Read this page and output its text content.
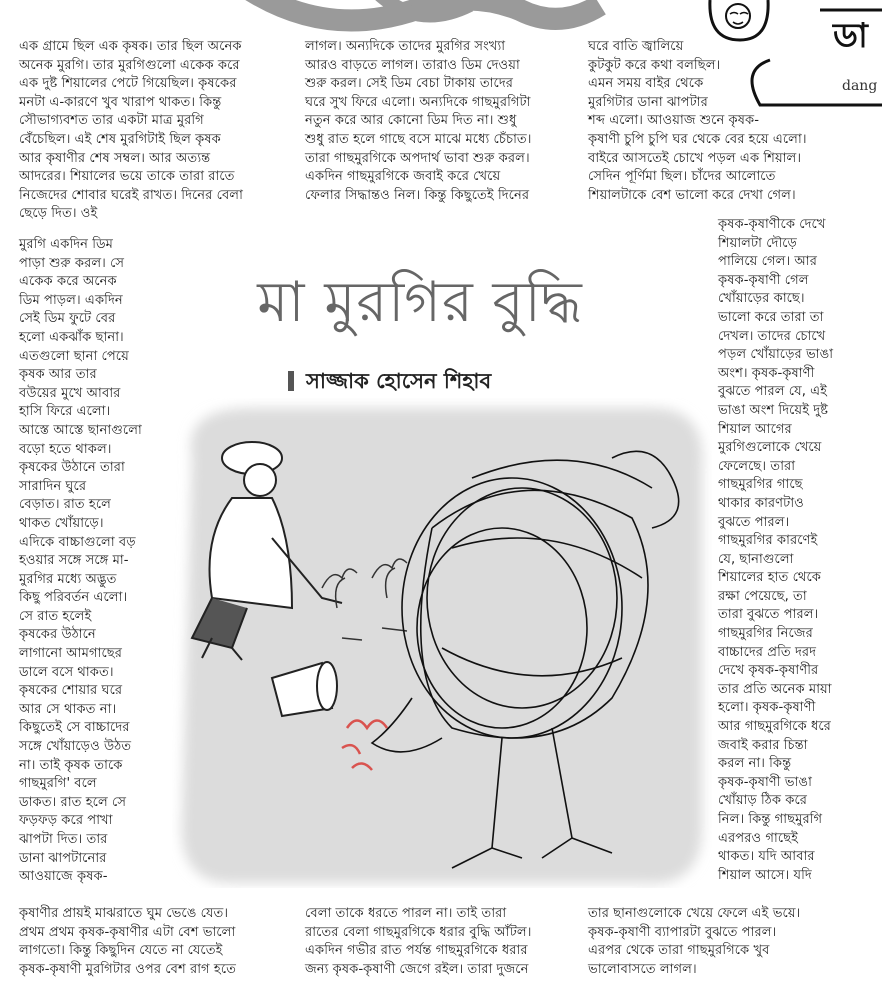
ডা
dang
এক গ্রামে ছিল এক কৃষক। তার ছিল অনেক
অনেক মুরগি। তার মুরগিগুলো একেক করে
এক দুষ্ট শিয়ালের পেটে গিয়েছিল। কৃষকের
মনটা এ-কারণে খুব খারাপ থাকত। কিন্তু
সৌভাগ্যবশত তার একটা মাত্র মুরগি
বেঁচেছিল। এই শেষ মুরগিটাই ছিল কৃষক
আর কৃষাণীর শেষ সম্বল। আর অত্যন্ত
আদরের। শিয়ালের ভয়ে তাকে তারা রাতে
নিজেদের শোবার ঘরেই রাখত। দিনের বেলা
ছেড়ে দিত। ওই
মুরগি একদিন ডিম
পাড়া শুরু করল। সে
একেক করে অনেক
ডিম পাড়ল। একদিন
সেই ডিম ফুটে বের
হলো একঝাঁক ছানা।
এতগুলো ছানা পেয়ে
কৃষক আর তার
বউয়ের মুখে আবার
হাসি ফিরে এলো।
আস্তে আস্তে ছানাগুলো
বড়ো হতে থাকল।
কৃষকের উঠানে তারা
সারাদিন ঘুরে
বেড়াত। রাত হলে
থাকত খোঁয়াড়ে।
এদিকে বাচ্চাগুলো বড়
হওয়ার সঙ্গে সঙ্গে মা-
মুরগির মধ্যে অদ্ভুত
কিছু পরিবর্তন এলো।
সে রাত হলেই
কৃষকের উঠানে
লাগানো আমগাছের
ডালে বসে থাকত।
কৃষকের শোয়ার ঘরে
আর সে থাকত না।
কিছুতেই সে বাচ্চাদের
সঙ্গে খোঁয়াড়েও উঠত
না। তাই কৃষক তাকে
গাছমুরগি' বলে
ডাকত। রাত হলে সে
ফড়ফড় করে পাখা
ঝাপটা দিত। তার
ডানা ঝাপটানোর
আওয়াজে কৃষক-
কৃষাণীর প্রায়ই মাঝরাতে ঘুম ভেঙে যেত।
প্রথম প্রথম কৃষক-কৃষাণীর এটা বেশ ভালো
লাগতো। কিন্তু কিছুদিন যেতে না যেতেই
কৃষক-কৃষাণী মুরগিটার ওপর বেশ রাগ হতে
লাগল। অন্যদিকে তাদের মুরগির সংখ্যা
আরও বাড়তে লাগল। তারাও ডিম দেওয়া
শুরু করল। সেই ডিম বেচা টাকায় তাদের
ঘরে সুখ ফিরে এলো। অন্যদিকে গাছমুরগিটা
নতুন করে আর কোনো ডিম দিত না। শুধু
শুধু রাত হলে গাছে বসে মাঝে মধ্যে চেঁচাত।
তারা গাছমুরগিকে অপদার্থ ভাবা শুরু করল।
একদিন গাছমুরগিকে জবাই করে খেয়ে
ফেলার সিদ্ধান্তও নিল। কিন্তু কিছুতেই দিনের
বেলা তাকে ধরতে পারল না। তাই তারা
রাতের বেলা গাছমুরগিকে ধরার বুদ্ধি আঁটল।
একদিন গভীর রাত পর্যন্ত গাছমুরগিকে ধরার
জন্য কৃষক-কৃষাণী জেগে রইল। তারা দুজনে
ঘরে বাতি জ্বালিয়ে
কুটকুট করে কথা বলছিল।
এমন সময় বাইর থেকে
মুরগিটার ডানা ঝাপটার
শব্দ এলো। আওয়াজ শুনে কৃষক-
কৃষাণী চুপি চুপি ঘর থেকে বের হয়ে এলো।
বাইরে আসতেই চোখে পড়ল এক শিয়াল।
সেদিন পূর্ণিমা ছিল। চাঁদের আলোতে
শিয়ালটাকে বেশ ভালো করে দেখা গেল।
কৃষক-কৃষাণীকে দেখে
শিয়ালটা দৌড়ে
পালিয়ে গেল। আর
কৃষক-কৃষাণী গেল
খোঁয়াড়ের কাছে।
ভালো করে তারা তা
দেখল। তাদের চোখে
পড়ল খোঁয়াড়ের ভাঙা
অংশ। কৃষক-কৃষাণী
বুঝতে পারল যে, এই
ভাঙা অংশ দিয়েই দুষ্ট
শিয়াল আগের
মুরগিগুলোকে খেয়ে
ফেলেছে। তারা
গাছমুরগির গাছে
থাকার কারণটাও
বুঝতে পারল।
গাছমুরগির কারণেই
যে, ছানাগুলো
শিয়ালের হাত থেকে
রক্ষা পেয়েছে, তা
তারা বুঝতে পারল।
গাছমুরগির নিজের
বাচ্চাদের প্রতি দরদ
দেখে কৃষক-কৃষাণীর
তার প্রতি অনেক মায়া
হলো। কৃষক-কৃষাণী
আর গাছমুরগিকে ধরে
জবাই করার চিন্তা
করল না। কিন্তু
কৃষক-কৃষাণী ভাঙা
খোঁয়াড় ঠিক করে
নিল। কিন্তু গাছমুরগি
এরপরও গাছেই
থাকত। যদি আবার
শিয়াল আসে। যদি
তার ছানাগুলোকে খেয়ে ফেলে এই ভয়ে।
কৃষক-কৃষাণী ব্যাপারটা বুঝতে পারল।
এরপর থেকে তারা গাছমুরগিকে খুব
ভালোবাসতে লাগল।
মা মুরগির বুদ্ধি
সাজ্জাক হোসেন শিহাব
